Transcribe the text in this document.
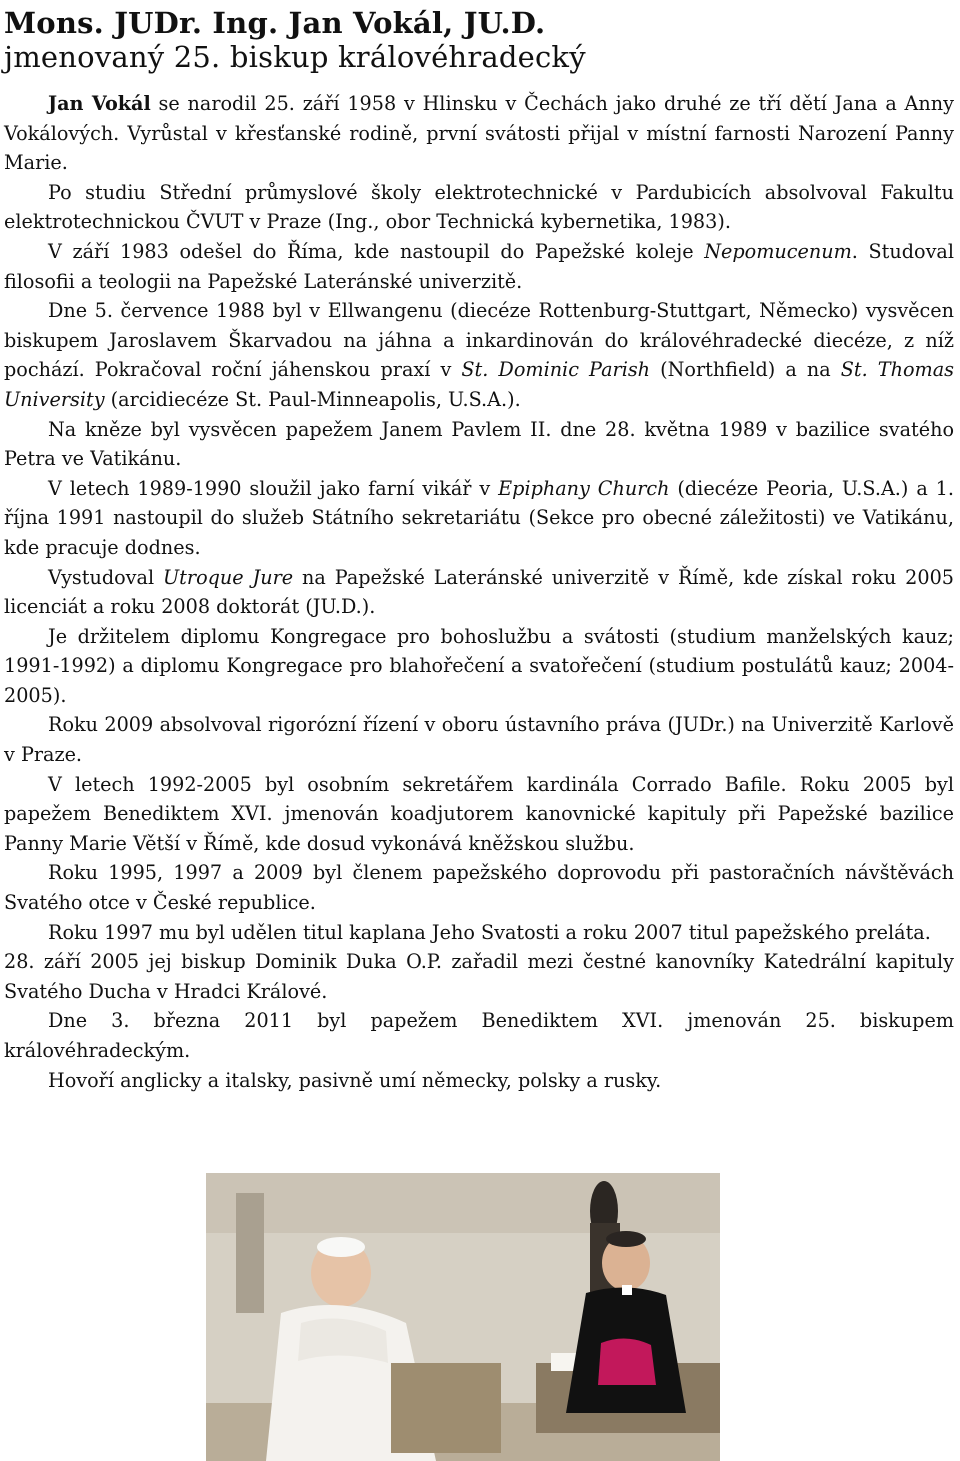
Mons. JUDr. Ing. Jan Vokál, JU.D.
jmenovaný 25. biskup královéhradecký

Jan Vokál se narodil 25. září 1958 v Hlinsku v Čechách jako druhé ze tří dětí Jana a Anny Vokálových. Vyrůstal v křesťanské rodině, první svátosti přijal v místní farnosti Narození Panny Marie.

Po studiu Střední průmyslové školy elektrotechnické v Pardubicích absolvoval Fakultu elektrotechnickou ČVUT v Praze (Ing., obor Technická kybernetika, 1983).

V září 1983 odešel do Říma, kde nastoupil do Papežské koleje Nepomucenum. Studoval filosofii a teologii na Papežské Lateránské univerzitě.

Dne 5. července 1988 byl v Ellwangenu (diecéze Rottenburg-Stuttgart, Německo) vysvěcen biskupem Jaroslavem Škarvadou na jáhna a inkardinován do královéhradecké diecéze, z níž pochází. Pokračoval roční jáhenskou praxí v St. Dominic Parish (Northfield) a na St. Thomas University (arcidiecéze St. Paul-Minneapolis, U.S.A.).

Na kněze byl vysvěcen papežem Janem Pavlem II. dne 28. května 1989 v bazilice svatého Petra ve Vatikánu.

V letech 1989-1990 sloužil jako farní vikář v Epiphany Church (diecéze Peoria, U.S.A.) a 1. října 1991 nastoupil do služeb Státního sekretariátu (Sekce pro obecné záležitosti) ve Vatikánu, kde pracuje dodnes.

Vystudoval Utroque Jure na Papežské Lateránské univerzitě v Římě, kde získal roku 2005 licenciát a roku 2008 doktorát (JU.D.).

Je držitelem diplomu Kongregace pro bohoslužbu a svátosti (studium manželských kauz; 1991-1992) a diplomu Kongregace pro blahořečení a svatořečení (studium postulátů kauz; 2004-2005).

Roku 2009 absolvoval rigorózní řízení v oboru ústavního práva (JUDr.) na Univerzitě Karlově v Praze.

V letech 1992-2005 byl osobním sekretářem kardinála Corrado Bafile. Roku 2005 byl papežem Benediktem XVI. jmenován koadjutorem kanovnické kapituly při Papežské bazilice Panny Marie Větší v Římě, kde dosud vykonává kněžskou službu.

Roku 1995, 1997 a 2009 byl členem papežského doprovodu při pastoračních návštěvách Svatého otce v České republice.

Roku 1997 mu byl udělen titul kaplana Jeho Svatosti a roku 2007 titul papežského preláta.

28. září 2005 jej biskup Dominik Duka O.P. zařadil mezi čestné kanovníky Katedrální kapituly Svatého Ducha v Hradci Králové.

Dne 3. března 2011 byl papežem Benediktem XVI. jmenován 25. biskupem královéhradeckým.

Hovoří anglicky a italsky, pasivně umí německy, polsky a rusky.
